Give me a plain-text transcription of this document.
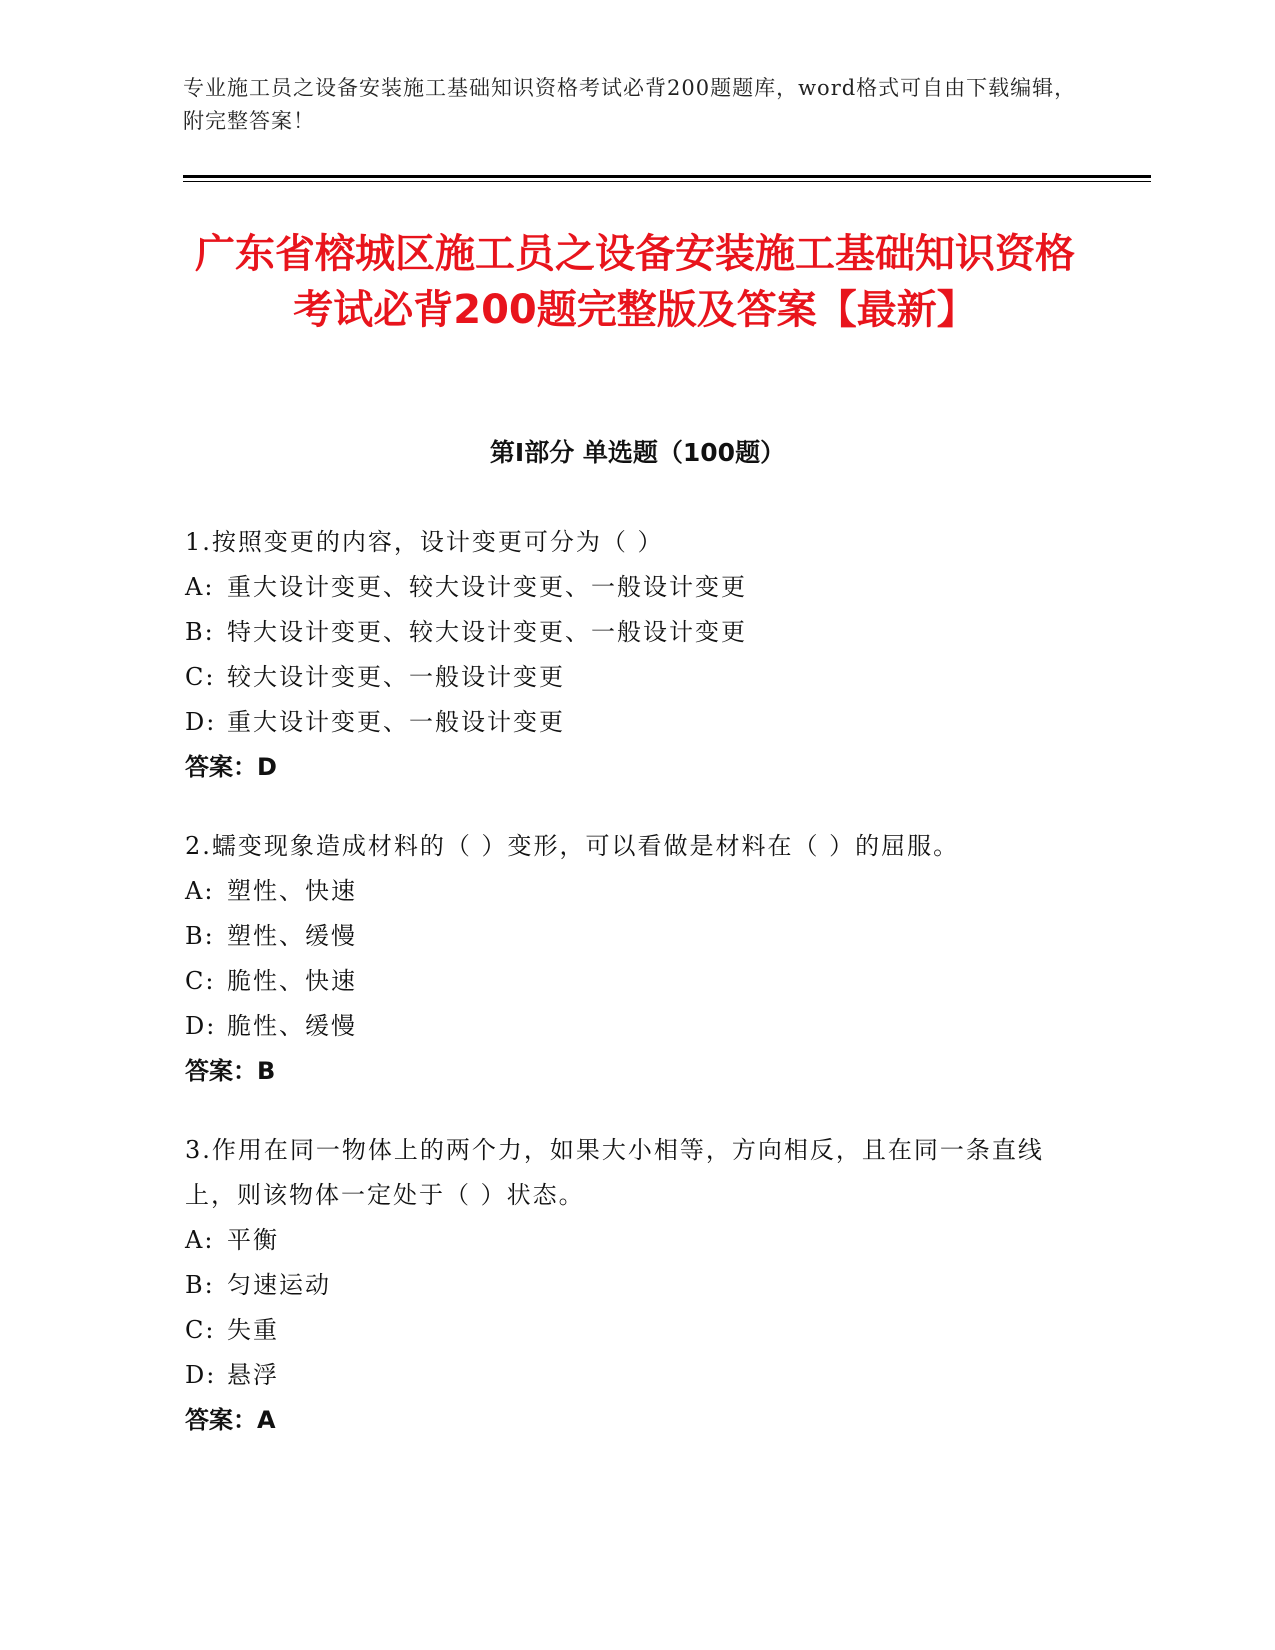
专业施工员之设备安装施工基础知识资格考试必背200题题库，word格式可自由下载编辑，附完整答案！
广东省榕城区施工员之设备安装施工基础知识资格考试必背200题完整版及答案【最新】
第I部分 单选题（100题）

1.按照变更的内容，设计变更可分为（ ）

A: 重大设计变更、较大设计变更、一般设计变更

B: 特大设计变更、较大设计变更、一般设计变更

C: 较大设计变更、一般设计变更

D: 重大设计变更、一般设计变更

答案：D

2.蠕变现象造成材料的（ ）变形，可以看做是材料在（ ）的屈服。

A: 塑性、快速

B: 塑性、缓慢

C: 脆性、快速

D: 脆性、缓慢

答案：B

3.作用在同一物体上的两个力，如果大小相等，方向相反，且在同一条直线上，则该物体一定处于（ ）状态。

A: 平衡

B: 匀速运动

C: 失重

D: 悬浮

答案：A
